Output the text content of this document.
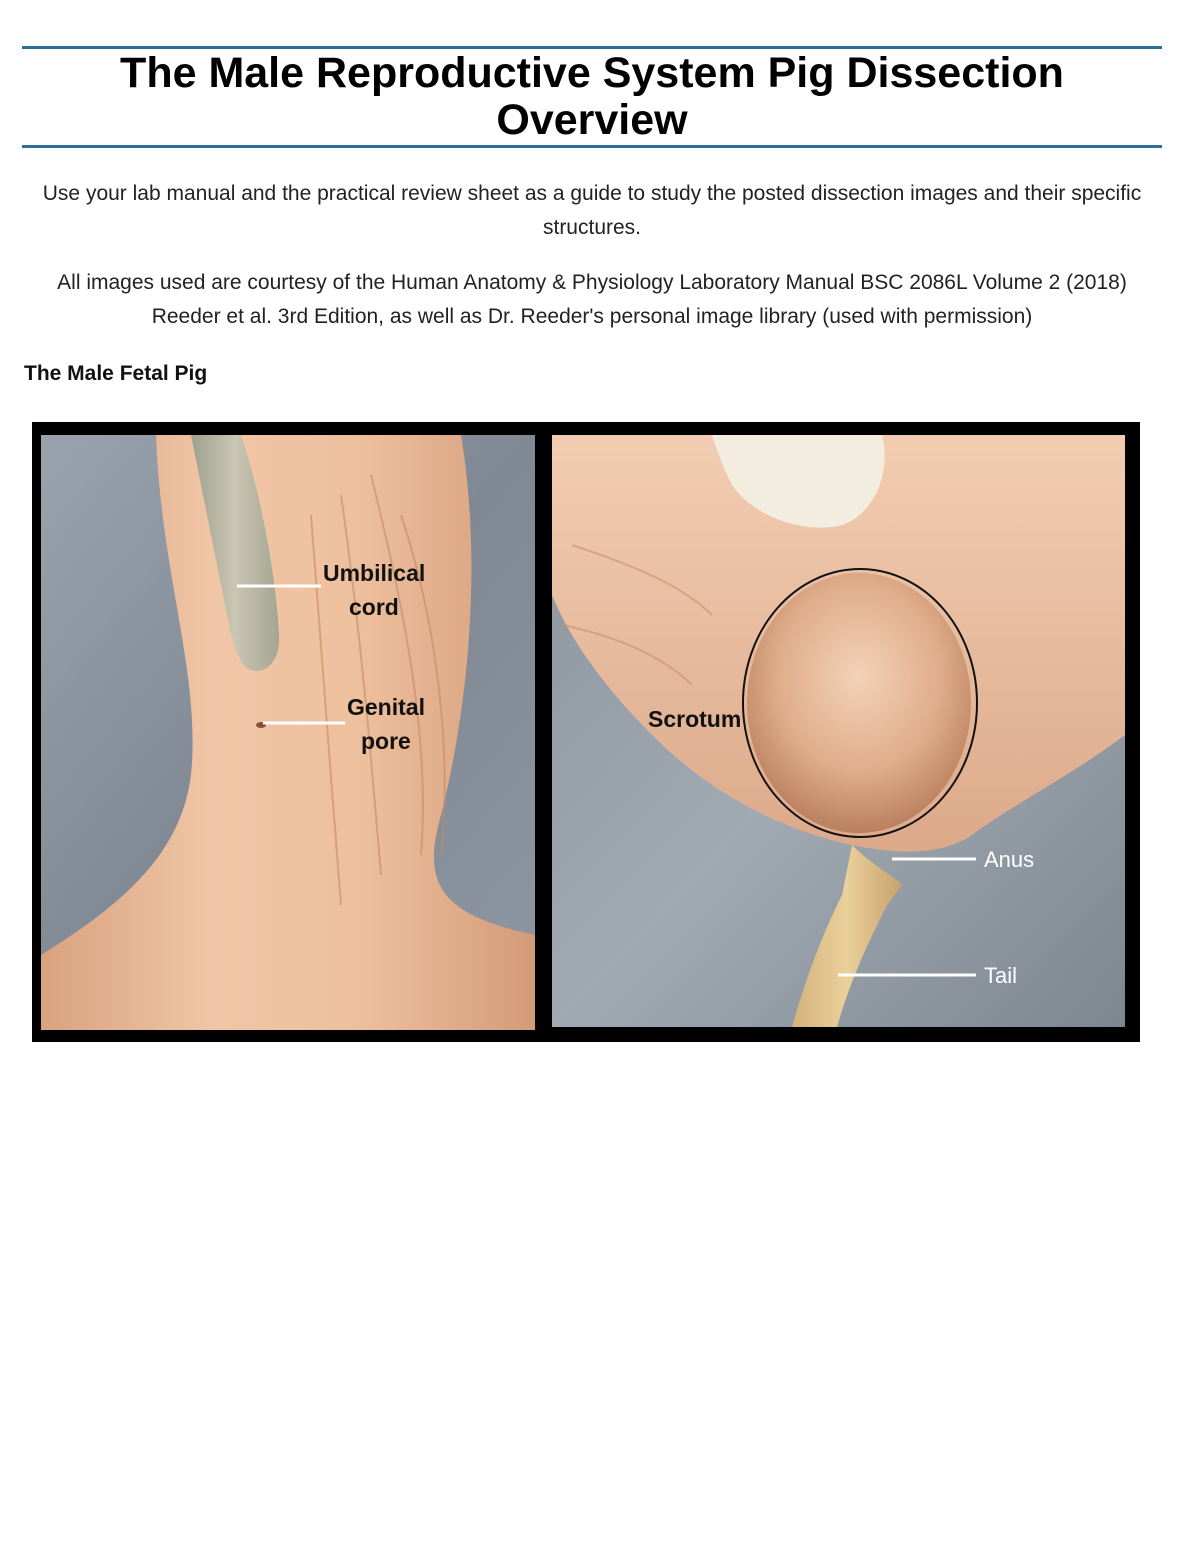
The Male Reproductive System Pig Dissection
Overview

Use your lab manual and the practical review sheet as a guide to study the posted dissection images and their specific structures.

All images used are courtesy of the Human Anatomy & Physiology Laboratory Manual BSC 2086L Volume 2 (2018) Reeder et al. 3rd Edition, as well as Dr. Reeder's personal image library (used with permission)

The Male Fetal Pig
Umbilical
cord
Genital
pore
Scrotum
Anus
Tail
